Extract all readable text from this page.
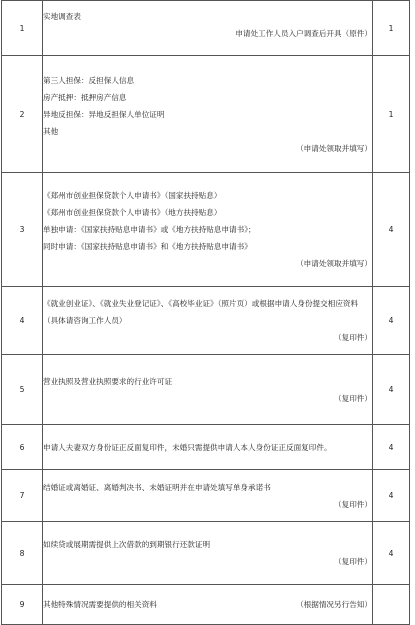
1	实地调查表
申请处工作人员入户调查后开具（原件）	1
2	第三人担保：反担保人信息
房产抵押：抵押房产信息
异地反担保：异地反担保人单位证明
其他
（申请处领取并填写）	1
3	《郑州市创业担保贷款个人申请书》（国家扶持贴息）
《郑州市创业担保贷款个人申请书》（地方扶持贴息）
单独申请：《国家扶持贴息申请书》或《地方扶持贴息申请书》；
同时申请：《国家扶持贴息申请书》和《地方扶持贴息申请书》
（申请处领取并填写）	4
4	《就业创业证》、《就业失业登记证》、《高校毕业证》（照片页）或根据申请人身份提交相应资料（具体请咨询工作人员）
（复印件）	4
5	营业执照及营业执照要求的行业许可证
（复印件）	4
6	申请人夫妻双方身份证正反面复印件，未婚只需提供申请人本人身份证正反面复印件。	4
7	结婚证或离婚证、离婚判决书、未婚证明并在申请处填写单身承诺书
（复印件）	4
8	如续贷或展期需提供上次借款的到期银行还款证明
（复印件）	4
9	其他特殊情况需要提供的相关资料 （根据情况另行告知）	
